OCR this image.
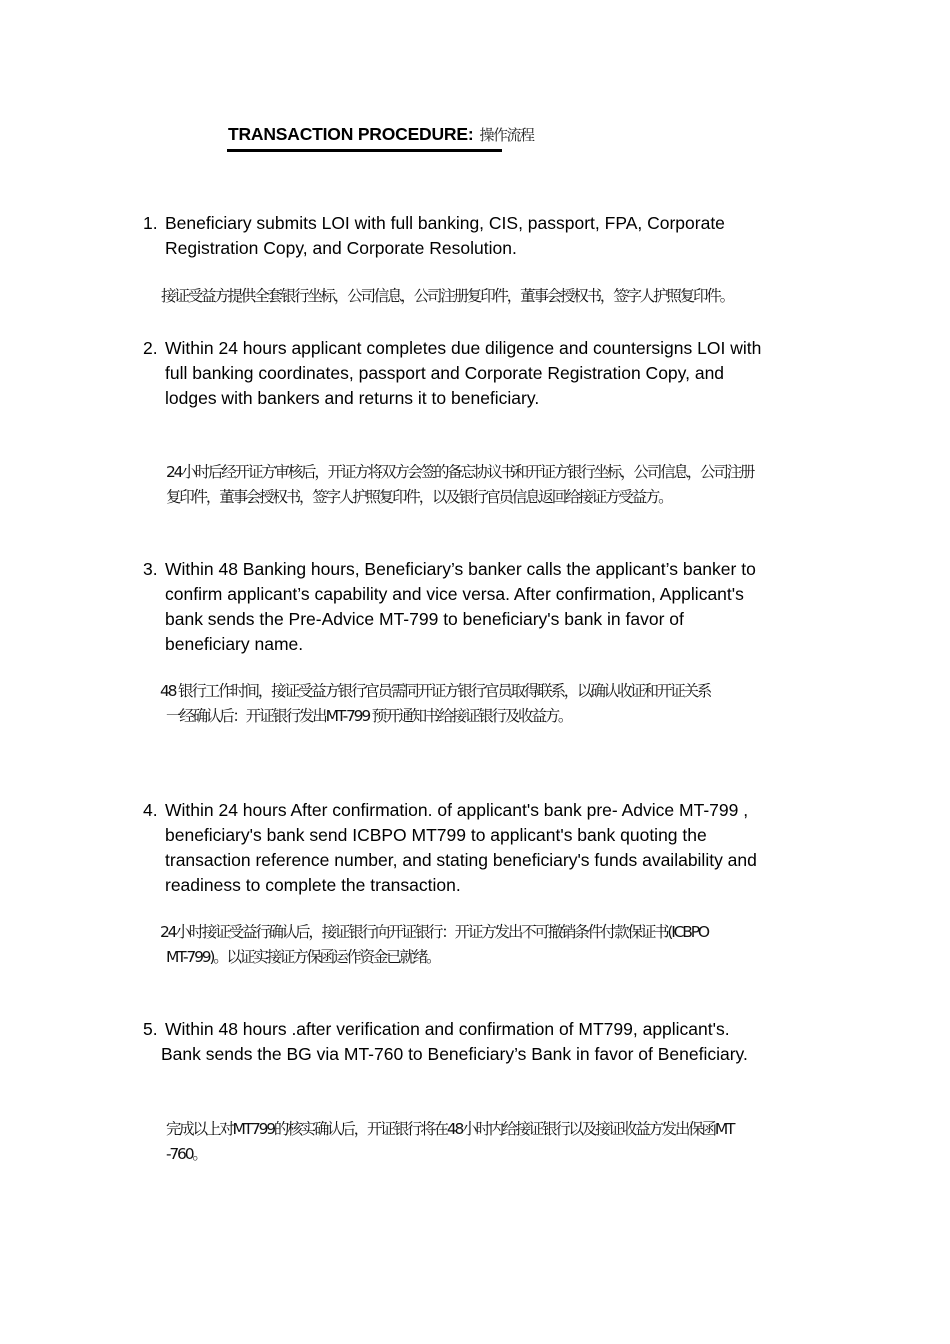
TRANSACTION PROCEDURE: 操作流程
1. Beneficiary submits LOI with full banking, CIS, passport, FPA, Corporate
Registration Copy, and Corporate Resolution.
接证受益方提供全套银行坐标，公司信息，公司注册复印件，董事会授权书，签字人护照复印件。
2. Within 24 hours applicant completes due diligence and countersigns LOI with
full banking coordinates, passport and Corporate Registration Copy, and
lodges with bankers and returns it to beneficiary.
24小时后经开证方审核后，开证方将双方会签的备忘协议书和开证方银行坐标，公司信息，公司注册
复印件，董事会授权书，签字人护照复印件，以及银行官员信息返回给接证方受益方。
3. Within 48 Banking hours, Beneficiary’s banker calls the applicant’s banker to
confirm applicant’s capability and vice versa. After confirmation, Applicant's
bank sends the Pre-Advice MT-799 to beneficiary's bank in favor of
beneficiary name.
48 银行工作时间，接证受益方银行官员需同开证方银行官员取得联系，以确认收证和开证关系
一经确认后：开证银行发出MT-799 预开通知书给接证银行及收益方。
4. Within 24 hours After confirmation. of applicant's bank pre- Advice MT-799 ,
beneficiary's bank send ICBPO MT799 to applicant's bank quoting the
transaction reference number, and stating beneficiary's funds availability and
readiness to complete the transaction.
24小时接证受益行确认后，接证银行向开证银行：开证方发出不可撤销条件付款保证书(ICBPO
MT-799)。以证实接证方保函运作资金已就绪。
5. Within 48 hours .after verification and confirmation of MT799, applicant's.
Bank sends the BG via MT-760 to Beneficiary’s Bank in favor of Beneficiary.
完成以上对MT799的核实确认后，开证银行将在48小时内给接证银行以及接证收益方发出保函MT
-760。
